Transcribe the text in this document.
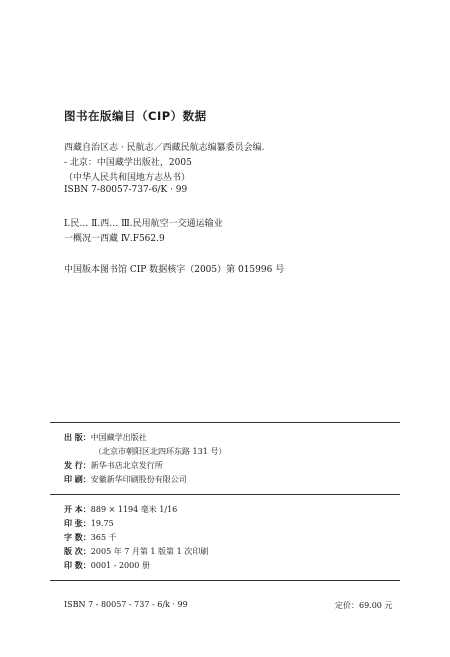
图书在版编目（CIP）数据
西藏自治区志 · 民航志／西藏民航志编纂委员会编.
- 北京：中国藏学出版社，2005
（中华人民共和国地方志丛书）
ISBN 7-80057-737-6/K · 99
Ⅰ.民… Ⅱ.西… Ⅲ.民用航空一交通运输业
一概况一西藏 Ⅳ.F562.9
中国版本图书馆 CIP 数据核字（2005）第 015996 号
出 版：中国藏学出版社
（北京市朝阳区北四环东路 131 号）
发 行：新华书店北京发行所
印 刷：安徽新华印刷股份有限公司
开 本：889 × 1194 毫米 1/16
印 张：19.75
字 数：365 千
版 次：2005 年 7 月第 1 版第 1 次印刷
印 数：0001 - 2000 册
ISBN 7 - 80057 - 737 - 6/k · 99	定价：69.00 元
